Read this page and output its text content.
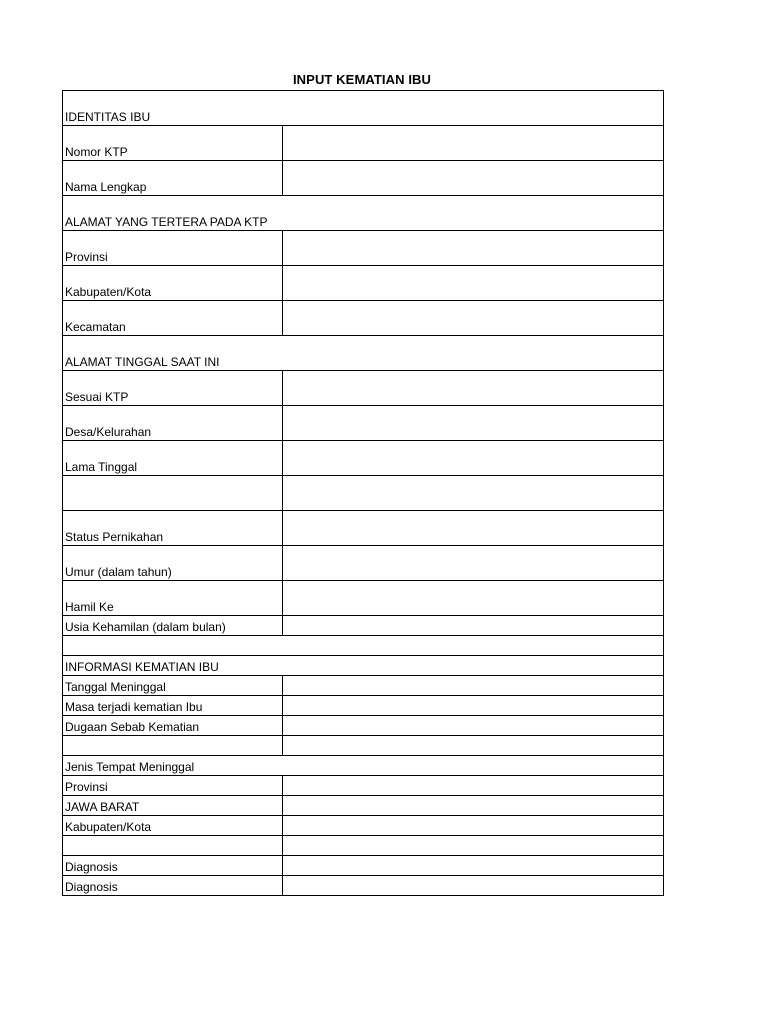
INPUT KEMATIAN IBU
IDENTITAS IBU	
Nomor KTP	
Nama Lengkap	
ALAMAT YANG TERTERA PADA KTP	
Provinsi	
Kabupaten/Kota	
Kecamatan	
ALAMAT TINGGAL SAAT INI	
Sesuai KTP	
Desa/Kelurahan	
Lama Tinggal	

Status Pernikahan	
Umur (dalam tahun)	
Hamil Ke	
Usia Kehamilan (dalam bulan)	

INFORMASI KEMATIAN IBU	
Tanggal Meninggal	
Masa terjadi kematian Ibu	
Dugaan Sebab Kematian	

Jenis Tempat Meninggal	
Provinsi	
JAWA BARAT	
Kabupaten/Kota	

Diagnosis	
Diagnosis	
